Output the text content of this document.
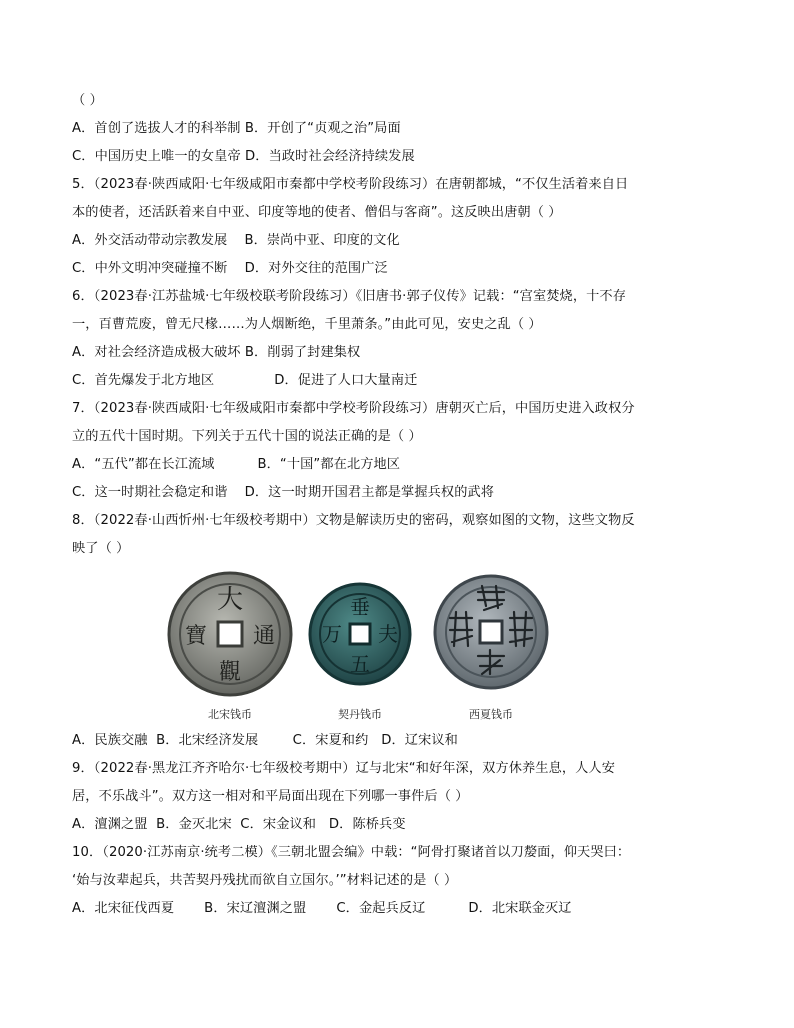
（ ）
A．首创了选拔人才的科举制 B．开创了“贞观之治”局面
C．中国历史上唯一的女皇帝 D．当政时社会经济持续发展
5．（2023春·陕西咸阳·七年级咸阳市秦都中学校考阶段练习）在唐朝都城，“不仅生活着来自日
本的使者，还活跃着来自中亚、印度等地的使者、僧侣与客商”。这反映出唐朝（ ）
A．外交活动带动宗教发展    B．崇尚中亚、印度的文化
C．中外文明冲突碰撞不断    D．对外交往的范围广泛
6．（2023春·江苏盐城·七年级校联考阶段练习）《旧唐书·郭子仪传》记载：“宫室焚烧，十不存
一，百曹荒废，曾无尺椽……为人烟断绝，千里萧条。”由此可见，安史之乱（ ）
A．对社会经济造成极大破坏 B．削弱了封建集权
C．首先爆发于北方地区              D．促进了人口大量南迁
7．（2023春·陕西咸阳·七年级咸阳市秦都中学校考阶段练习）唐朝灭亡后，中国历史进入政权分
立的五代十国时期。下列关于五代十国的说法正确的是（ ）
A．“五代”都在长江流域          B．“十国”都在北方地区
C．这一时期社会稳定和谐    D．这一时期开国君主都是掌握兵权的武将
8．（2022春·山西忻州·七年级校考期中）文物是解读历史的密码，观察如图的文物，这些文物反
映了（ ）
大
觀
通
寶
垂
五
夫
万
北宋钱币	契丹钱币	西夏钱币
A．民族交融  B．北宋经济发展        C．宋夏和约   D．辽宋议和
9．（2022春·黑龙江齐齐哈尔·七年级校考期中）辽与北宋“和好年深，双方休养生息，人人安
居，不乐战斗”。双方这一相对和平局面出现在下列哪一事件后（ ）
A．澶渊之盟  B．金灭北宋  C．宋金议和   D．陈桥兵变
10．（2020·江苏南京·统考二模）《三朝北盟会编》中载：“阿骨打聚诸首以刀嫠面，仰天哭曰：
‘始与汝辈起兵，共苦契丹残扰而欲自立国尔。’”材料记述的是（ ）
A．北宋征伐西夏       B．宋辽澶渊之盟       C．金起兵反辽          D．北宋联金灭辽
